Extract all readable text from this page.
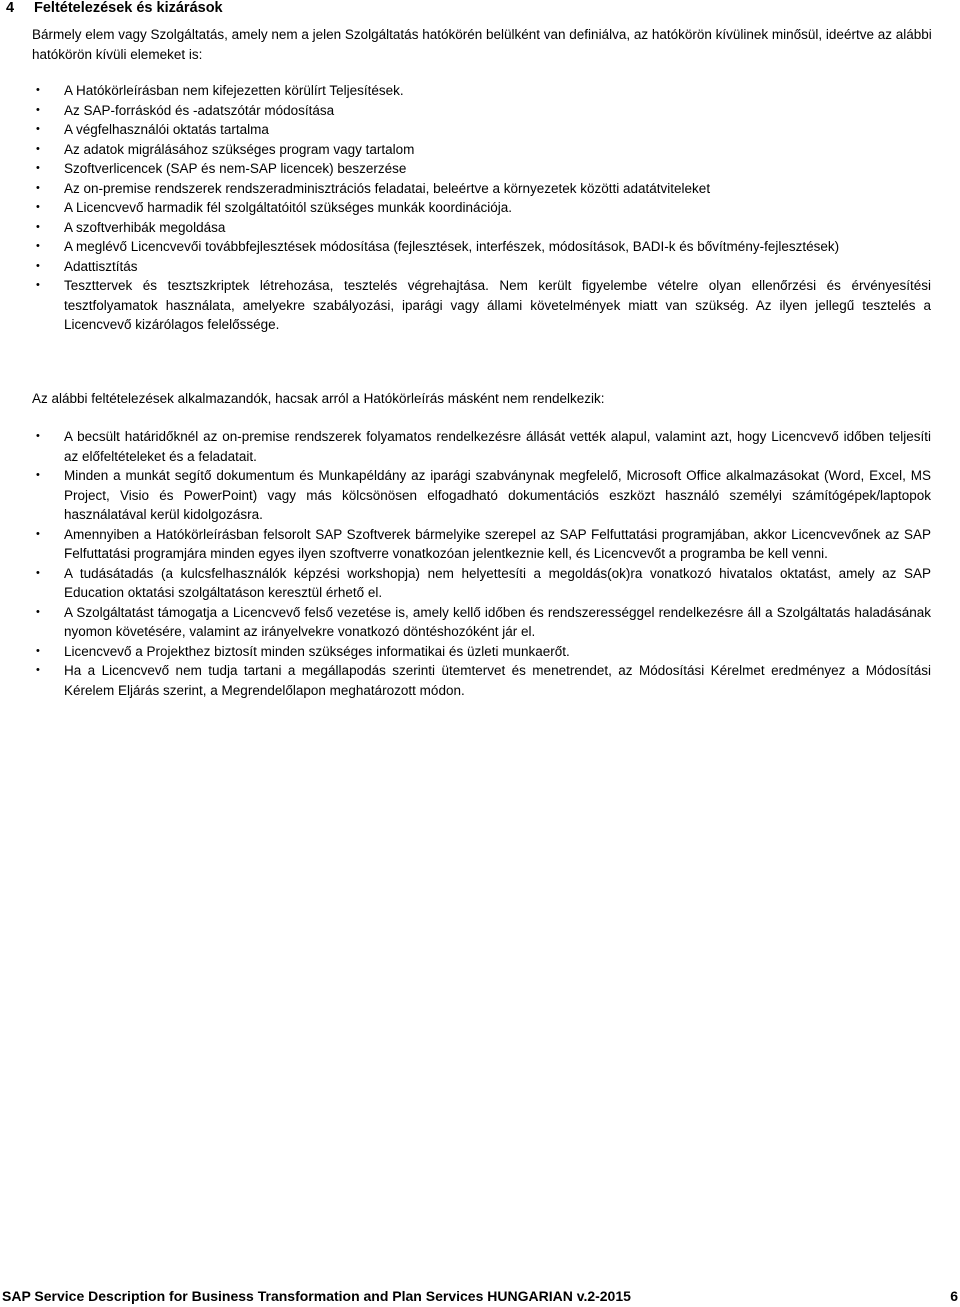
4 Feltételezések és kizárások

Bármely elem vagy Szolgáltatás, amely nem a jelen Szolgáltatás hatókörén belülként van definiálva, az hatókörön kívülinek minősül, ideértve az alábbi hatókörön kívüli elemeket is:

• A Hatókörleírásban nem kifejezetten körülírt Teljesítések.
• Az SAP-forráskód és -adatszótár módosítása
• A végfelhasználói oktatás tartalma
• Az adatok migrálásához szükséges program vagy tartalom
• Szoftverlicencek (SAP és nem-SAP licencek) beszerzése
• Az on-premise rendszerek rendszeradminisztrációs feladatai, beleértve a környezetek közötti adatátviteleket
• A Licencvevő harmadik fél szolgáltatóitól szükséges munkák koordinációja.
• A szoftverhibák megoldása
• A meglévő Licencvevői továbbfejlesztések módosítása (fejlesztések, interfészek, módosítások, BADI-k és bővítmény-fejlesztések)
• Adattisztítás
• Teszttervek és tesztszkriptek létrehozása, tesztelés végrehajtása. Nem került figyelembe vételre olyan ellenőrzési és érvényesítési tesztfolyamatok használata, amelyekre szabályozási, iparági vagy állami követelmények miatt van szükség. Az ilyen jellegű tesztelés a Licencvevő kizárólagos felelőssége.

Az alábbi feltételezések alkalmazandók, hacsak arról a Hatókörleírás másként nem rendelkezik:

• A becsült határidőknél az on-premise rendszerek folyamatos rendelkezésre állását vették alapul, valamint azt, hogy Licencvevő időben teljesíti az előfeltételeket és a feladatait.
• Minden a munkát segítő dokumentum és Munkapéldány az iparági szabványnak megfelelő, Microsoft Office alkalmazásokat (Word, Excel, MS Project, Visio és PowerPoint) vagy más kölcsönösen elfogadható dokumentációs eszközt használó személyi számítógépek/laptopok használatával kerül kidolgozásra.
• Amennyiben a Hatókörleírásban felsorolt SAP Szoftverek bármelyike szerepel az SAP Felfuttatási programjában, akkor Licencvevőnek az SAP Felfuttatási programjára minden egyes ilyen szoftverre vonatkozóan jelentkeznie kell, és Licencvevőt a programba be kell venni.
• A tudásátadás (a kulcsfelhasználók képzési workshopja) nem helyettesíti a megoldás(ok)ra vonatkozó hivatalos oktatást, amely az SAP Education oktatási szolgáltatáson keresztül érhető el.
• A Szolgáltatást támogatja a Licencvevő felső vezetése is, amely kellő időben és rendszerességgel rendelkezésre áll a Szolgáltatás haladásának nyomon követésére, valamint az irányelvekre vonatkozó döntéshozóként jár el.
• Licencvevő a Projekthez biztosít minden szükséges informatikai és üzleti munkaerőt.
• Ha a Licencvevő nem tudja tartani a megállapodás szerinti ütemtervet és menetrendet, az Módosítási Kérelmet eredményez a Módosítási Kérelem Eljárás szerint, a Megrendelőlapon meghatározott módon.
SAP Service Description for Business Transformation and Plan Services HUNGARIAN v.2-2015	6
